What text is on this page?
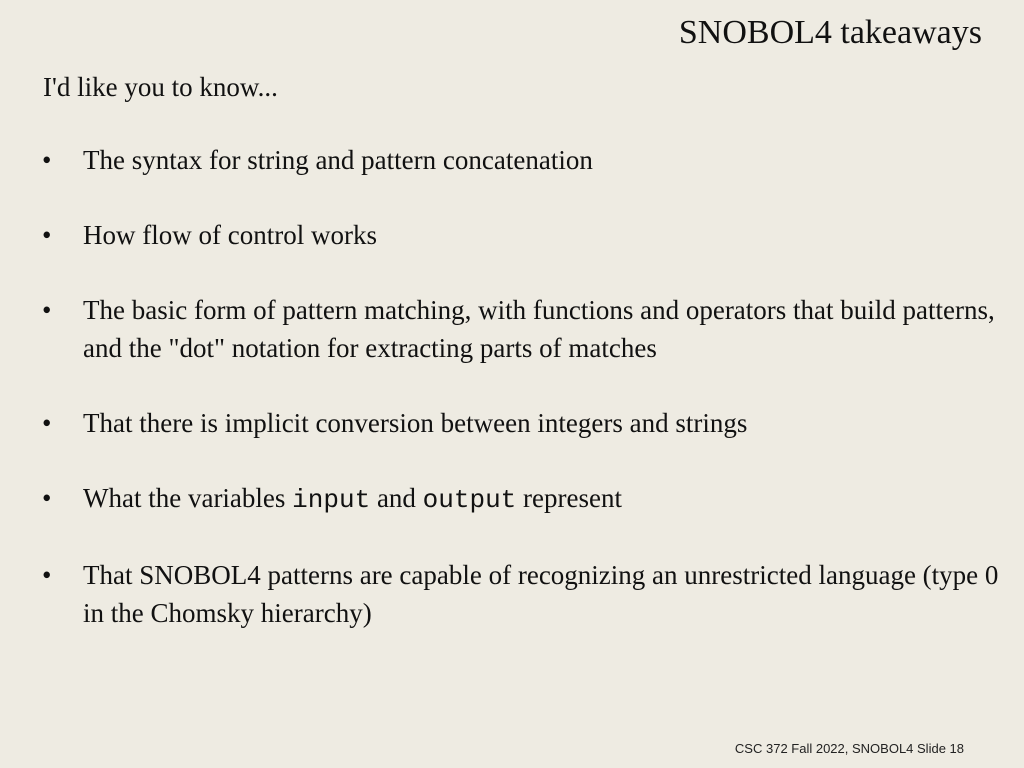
SNOBOL4 takeaways
I'd like you to know...
• The syntax for string and pattern concatenation
• How flow of control works
• The basic form of pattern matching, with functions and operators that build patterns, and the "dot" notation for extracting parts of matches
• That there is implicit conversion between integers and strings
• What the variables input and output represent
• That SNOBOL4 patterns are capable of recognizing an unrestricted language (type 0 in the Chomsky hierarchy)
CSC 372 Fall 2022, SNOBOL4 Slide 18
